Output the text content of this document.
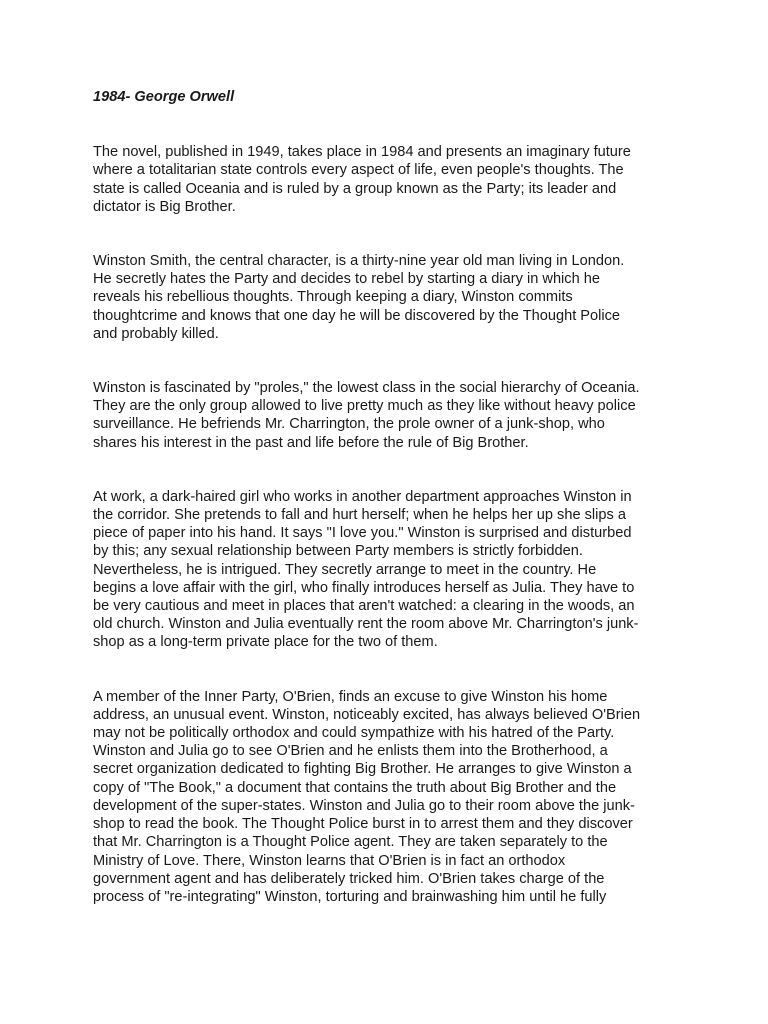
1984- George Orwell
The novel, published in 1949, takes place in 1984 and presents an imaginary future
where a totalitarian state controls every aspect of life, even people's thoughts. The
state is called Oceania and is ruled by a group known as the Party; its leader and
dictator is Big Brother.
Winston Smith, the central character, is a thirty-nine year old man living in London.
He secretly hates the Party and decides to rebel by starting a diary in which he
reveals his rebellious thoughts. Through keeping a diary, Winston commits
thoughtcrime and knows that one day he will be discovered by the Thought Police
and probably killed.
Winston is fascinated by "proles," the lowest class in the social hierarchy of Oceania.
They are the only group allowed to live pretty much as they like without heavy police
surveillance. He befriends Mr. Charrington, the prole owner of a junk-shop, who
shares his interest in the past and life before the rule of Big Brother.
At work, a dark-haired girl who works in another department approaches Winston in
the corridor. She pretends to fall and hurt herself; when he helps her up she slips a
piece of paper into his hand. It says "I love you." Winston is surprised and disturbed
by this; any sexual relationship between Party members is strictly forbidden.
Nevertheless, he is intrigued. They secretly arrange to meet in the country. He
begins a love affair with the girl, who finally introduces herself as Julia. They have to
be very cautious and meet in places that aren't watched: a clearing in the woods, an
old church. Winston and Julia eventually rent the room above Mr. Charrington's junk-
shop as a long-term private place for the two of them.
A member of the Inner Party, O'Brien, finds an excuse to give Winston his home
address, an unusual event. Winston, noticeably excited, has always believed O'Brien
may not be politically orthodox and could sympathize with his hatred of the Party.
Winston and Julia go to see O'Brien and he enlists them into the Brotherhood, a
secret organization dedicated to fighting Big Brother. He arranges to give Winston a
copy of "The Book," a document that contains the truth about Big Brother and the
development of the super-states. Winston and Julia go to their room above the junk-
shop to read the book. The Thought Police burst in to arrest them and they discover
that Mr. Charrington is a Thought Police agent. They are taken separately to the
Ministry of Love. There, Winston learns that O'Brien is in fact an orthodox
government agent and has deliberately tricked him. O'Brien takes charge of the
process of "re-integrating" Winston, torturing and brainwashing him until he fully
